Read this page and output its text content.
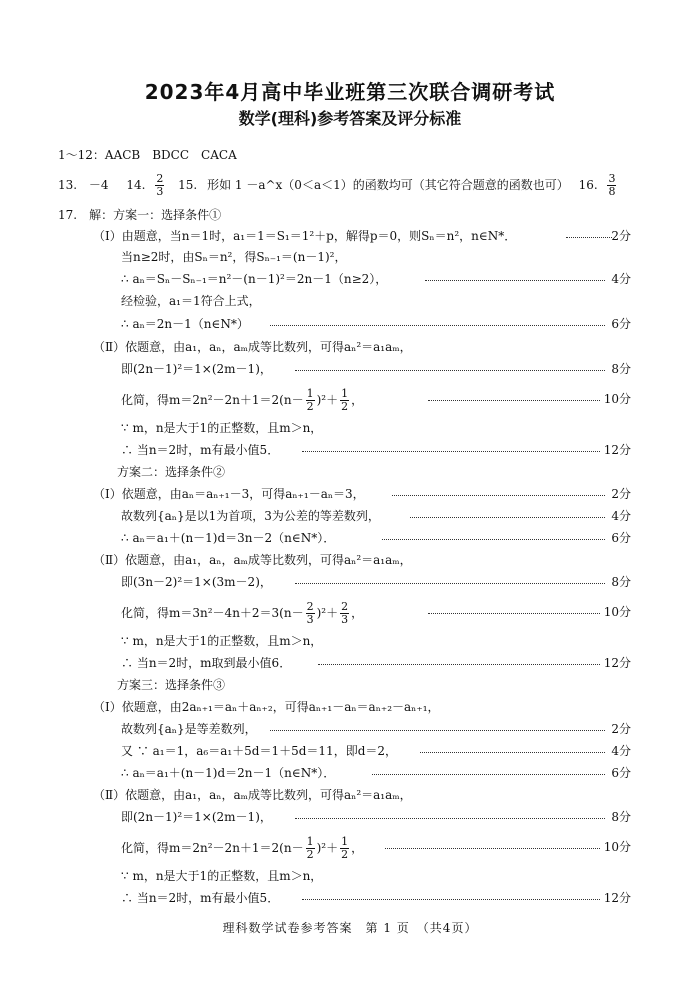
2023年4月高中毕业班第三次联合调研考试
数学(理科)参考答案及评分标准
1～12：AACB　BDCC　CACA
13. －4 14. $\frac{2}{3} 15$. 形如 1 －a^x（0＜a＜1）的函数均可（其它符合题意的函数也可） 16. $\frac{3}{8}$
17.　解：方案一：选择条件①
（Ⅰ）由题意，当n＝1时，a₁＝1＝S₁＝1²＋p，解得p＝0，则Sₙ＝n²，n∈N*．	2分
当n≥2时，由Sₙ＝n²，得Sₙ₋₁＝(n－1)²，
∴ aₙ＝Sₙ－Sₙ₋₁＝n²－(n－1)²＝2n－1（n≥2），	4分
经检验，a₁＝1符合上式，
∴ aₙ＝2n－1（n∈N*）	6分
（Ⅱ）依题意，由a₁，aₙ，aₘ成等比数列，可得aₙ²＝a₁aₘ，
即(2n－1)²＝1×(2m－1)，	8分
化简，得$m=2n^2-2n+1=2(n- \frac{1}{2} )^2+ \frac{1}{2}$ ，	10分
∵ m，n是大于1的正整数，且m＞n，
∴ 当n＝2时，m有最小值5．	12分
方案二：选择条件②
（Ⅰ）依题意，由aₙ＝aₙ₊₁－3，可得aₙ₊₁－aₙ＝3，	2分
故数列{aₙ}是以1为首项，3为公差的等差数列，	4分
∴ aₙ＝a₁＋(n－1)d＝3n－2（n∈N*）．	6分
（Ⅱ）依题意，由a₁，aₙ，aₘ成等比数列，可得aₙ²＝a₁aₘ，
即(3n－2)²＝1×(3m－2)，	8分
化简，得$m=3n^2-4n+2=3(n- \frac{2}{3} )^2+ \frac{2}{3}$ ，	10分
∵ m，n是大于1的正整数，且m＞n，
∴ 当n＝2时，m取到最小值6．	12分
方案三：选择条件③
（Ⅰ）依题意，由2aₙ₊₁＝aₙ＋aₙ₊₂，可得aₙ₊₁－aₙ＝aₙ₊₂－aₙ₊₁，
故数列{aₙ}是等差数列，	2分
又 ∵ a₁＝1，a₆＝a₁＋5d＝1＋5d＝11，即d＝2，	4分
∴ aₙ＝a₁＋(n－1)d＝2n－1（n∈N*）．	6分
（Ⅱ）依题意，由a₁，aₙ，aₘ成等比数列，可得aₙ²＝a₁aₘ，
即(2n－1)²＝1×(2m－1)，	8分
化简，得$m=2n^2-2n+1=2(n- \frac{1}{2} )^2+ \frac{1}{2}$ ，	10分
∵ m，n是大于1的正整数，且m＞n，
∴ 当n＝2时，m有最小值5．	12分
理科数学试卷参考答案　第 1 页　（共4页）
